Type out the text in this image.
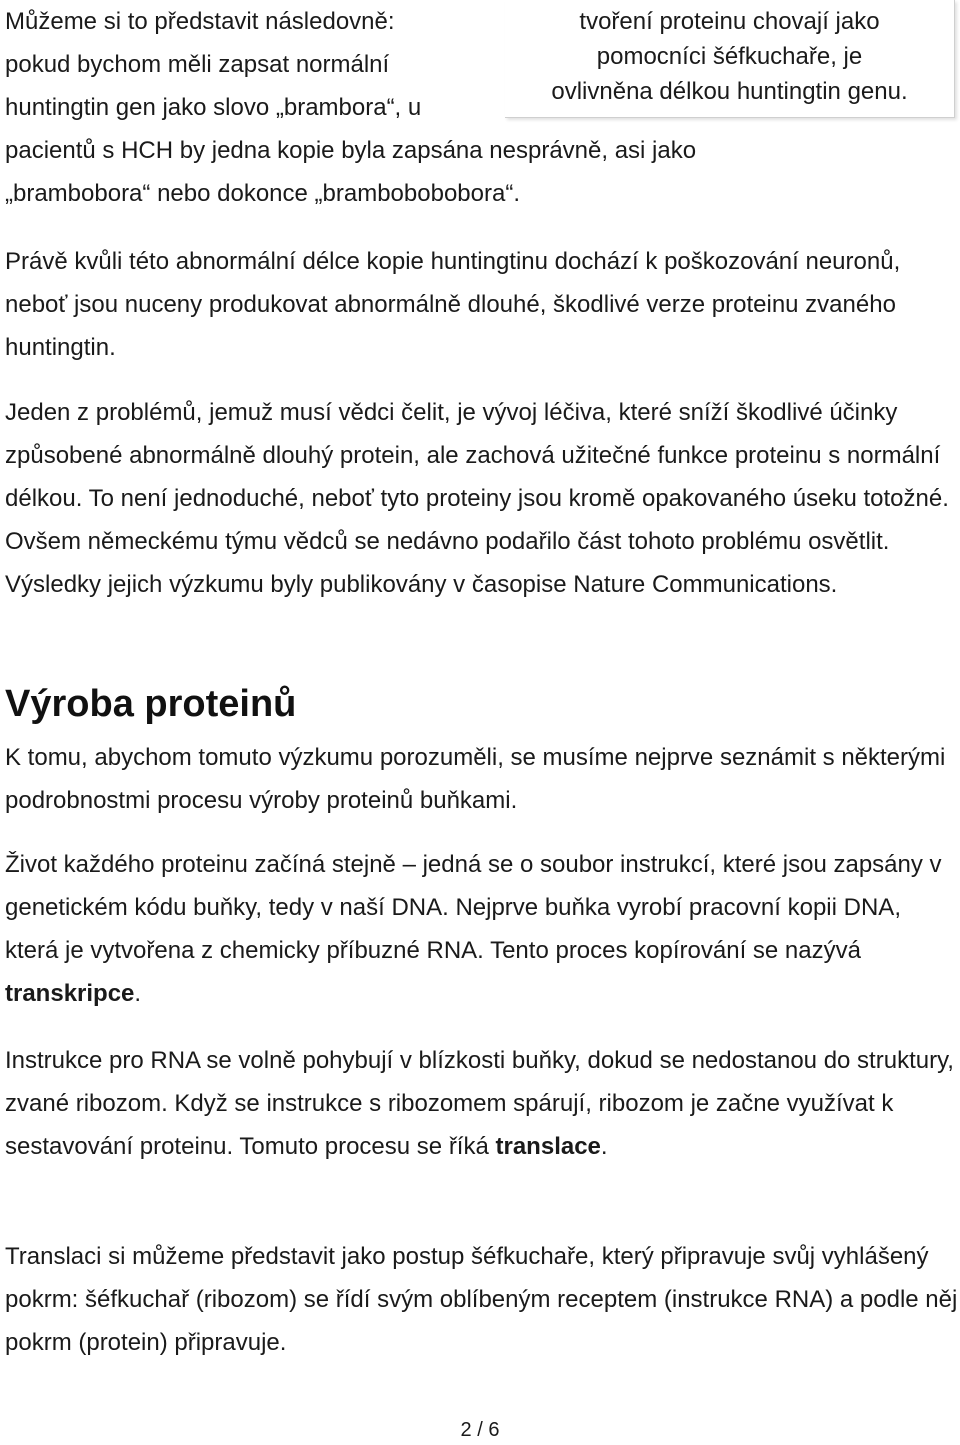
Můžeme si to představit následovně:
pokud bychom měli zapsat normální
huntingtin gen jako slovo „brambora“, u
pacientů s HCH by jedna kopie byla zapsána nesprávně, asi jako
„brambobora“ nebo dokonce „brambobobobora“.
tvoření proteinu chovají jako
pomocníci šéfkuchaře, je
ovlivněna délkou huntingtin genu.

Právě kvůli této abnormální délce kopie huntingtinu dochází k poškozování neuronů, neboť jsou nuceny produkovat abnormálně dlouhé, škodlivé verze proteinu zvaného huntingtin.

Jeden z problémů, jemuž musí vědci čelit, je vývoj léčiva, které sníží škodlivé účinky způsobené abnormálně dlouhý protein, ale zachová užitečné funkce proteinu s normální délkou. To není jednoduché, neboť tyto proteiny jsou kromě opakovaného úseku totožné. Ovšem německému týmu vědců se nedávno podařilo část tohoto problému osvětlit. Výsledky jejich výzkumu byly publikovány v časopise Nature Communications.

Výroba proteinů

K tomu, abychom tomuto výzkumu porozuměli, se musíme nejprve seznámit s některými podrobnostmi procesu výroby proteinů buňkami.

Život každého proteinu začíná stejně – jedná se o soubor instrukcí, které jsou zapsány v genetickém kódu buňky, tedy v naší DNA. Nejprve buňka vyrobí pracovní kopii DNA, která je vytvořena z chemicky příbuzné RNA. Tento proces kopírování se nazývá transkripce.

Instrukce pro RNA se volně pohybují v blízkosti buňky, dokud se nedostanou do struktury, zvané ribozom. Když se instrukce s ribozomem spárují, ribozom je začne využívat k sestavování proteinu. Tomuto procesu se říká translace.

Translaci si můžeme představit jako postup šéfkuchaře, který připravuje svůj vyhlášený pokrm: šéfkuchař (ribozom) se řídí svým oblíbeným receptem (instrukce RNA) a podle něj pokrm (protein) připravuje.

2 / 6
